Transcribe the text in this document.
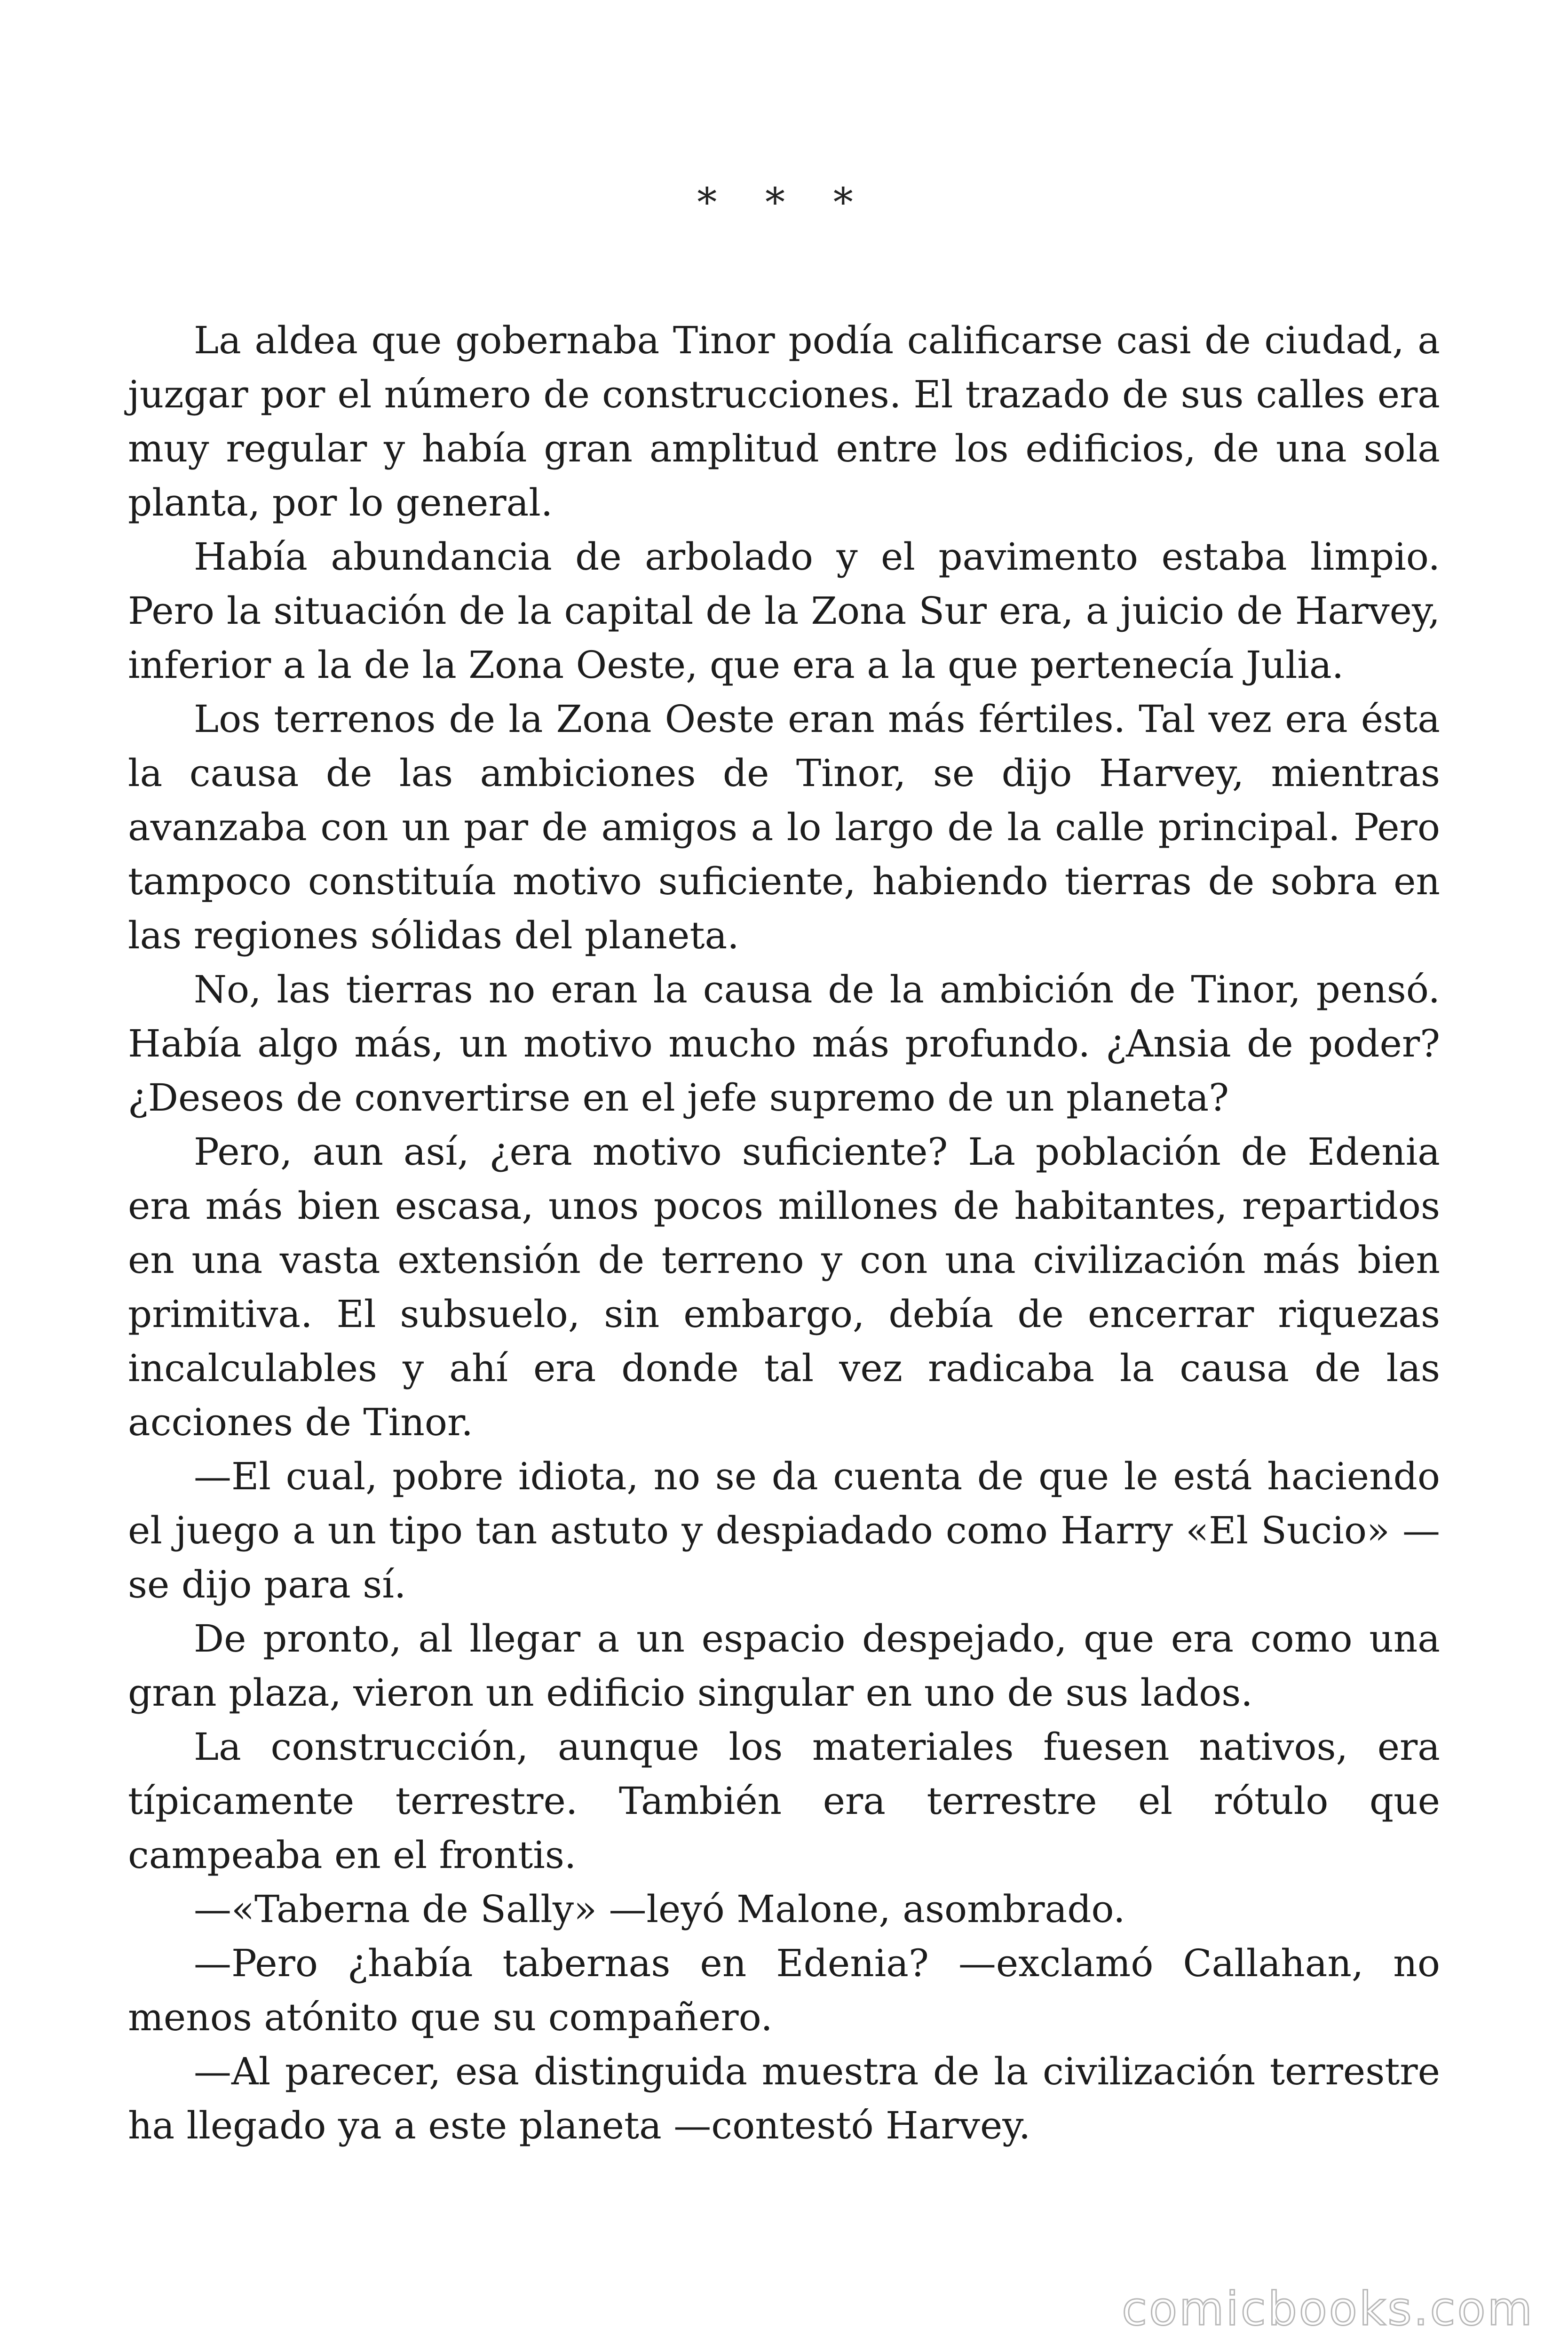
* * *

La aldea que gobernaba Tinor podía calificarse casi de ciudad, a juzgar por el número de construcciones. El trazado de sus calles era muy regular y había gran amplitud entre los edificios, de una sola planta, por lo general.

Había abundancia de arbolado y el pavimento estaba limpio. Pero la situación de la capital de la Zona Sur era, a juicio de Harvey, inferior a la de la Zona Oeste, que era a la que pertenecía Julia.

Los terrenos de la Zona Oeste eran más fértiles. Tal vez era ésta la causa de las ambiciones de Tinor, se dijo Harvey, mientras avanzaba con un par de amigos a lo largo de la calle principal. Pero tampoco constituía motivo suficiente, habiendo tierras de sobra en las regiones sólidas del planeta.

No, las tierras no eran la causa de la ambición de Tinor, pensó. Había algo más, un motivo mucho más profundo. ¿Ansia de poder? ¿Deseos de convertirse en el jefe supremo de un planeta?

Pero, aun así, ¿era motivo suficiente? La población de Edenia era más bien escasa, unos pocos millones de habitantes, repartidos en una vasta extensión de terreno y con una civilización más bien primitiva. El subsuelo, sin embargo, debía de encerrar riquezas incalculables y ahí era donde tal vez radicaba la causa de las acciones de Tinor.

—El cual, pobre idiota, no se da cuenta de que le está haciendo el juego a un tipo tan astuto y despiadado como Harry «El Sucio» —se dijo para sí.

De pronto, al llegar a un espacio despejado, que era como una gran plaza, vieron un edificio singular en uno de sus lados.

La construcción, aunque los materiales fuesen nativos, era típicamente terrestre. También era terrestre el rótulo que campeaba en el frontis.

—«Taberna de Sally» —leyó Malone, asombrado.

—Pero ¿había tabernas en Edenia? —exclamó Callahan, no menos atónito que su compañero.

—Al parecer, esa distinguida muestra de la civilización terrestre ha llegado ya a este planeta —contestó Harvey.

comicbooks.com
